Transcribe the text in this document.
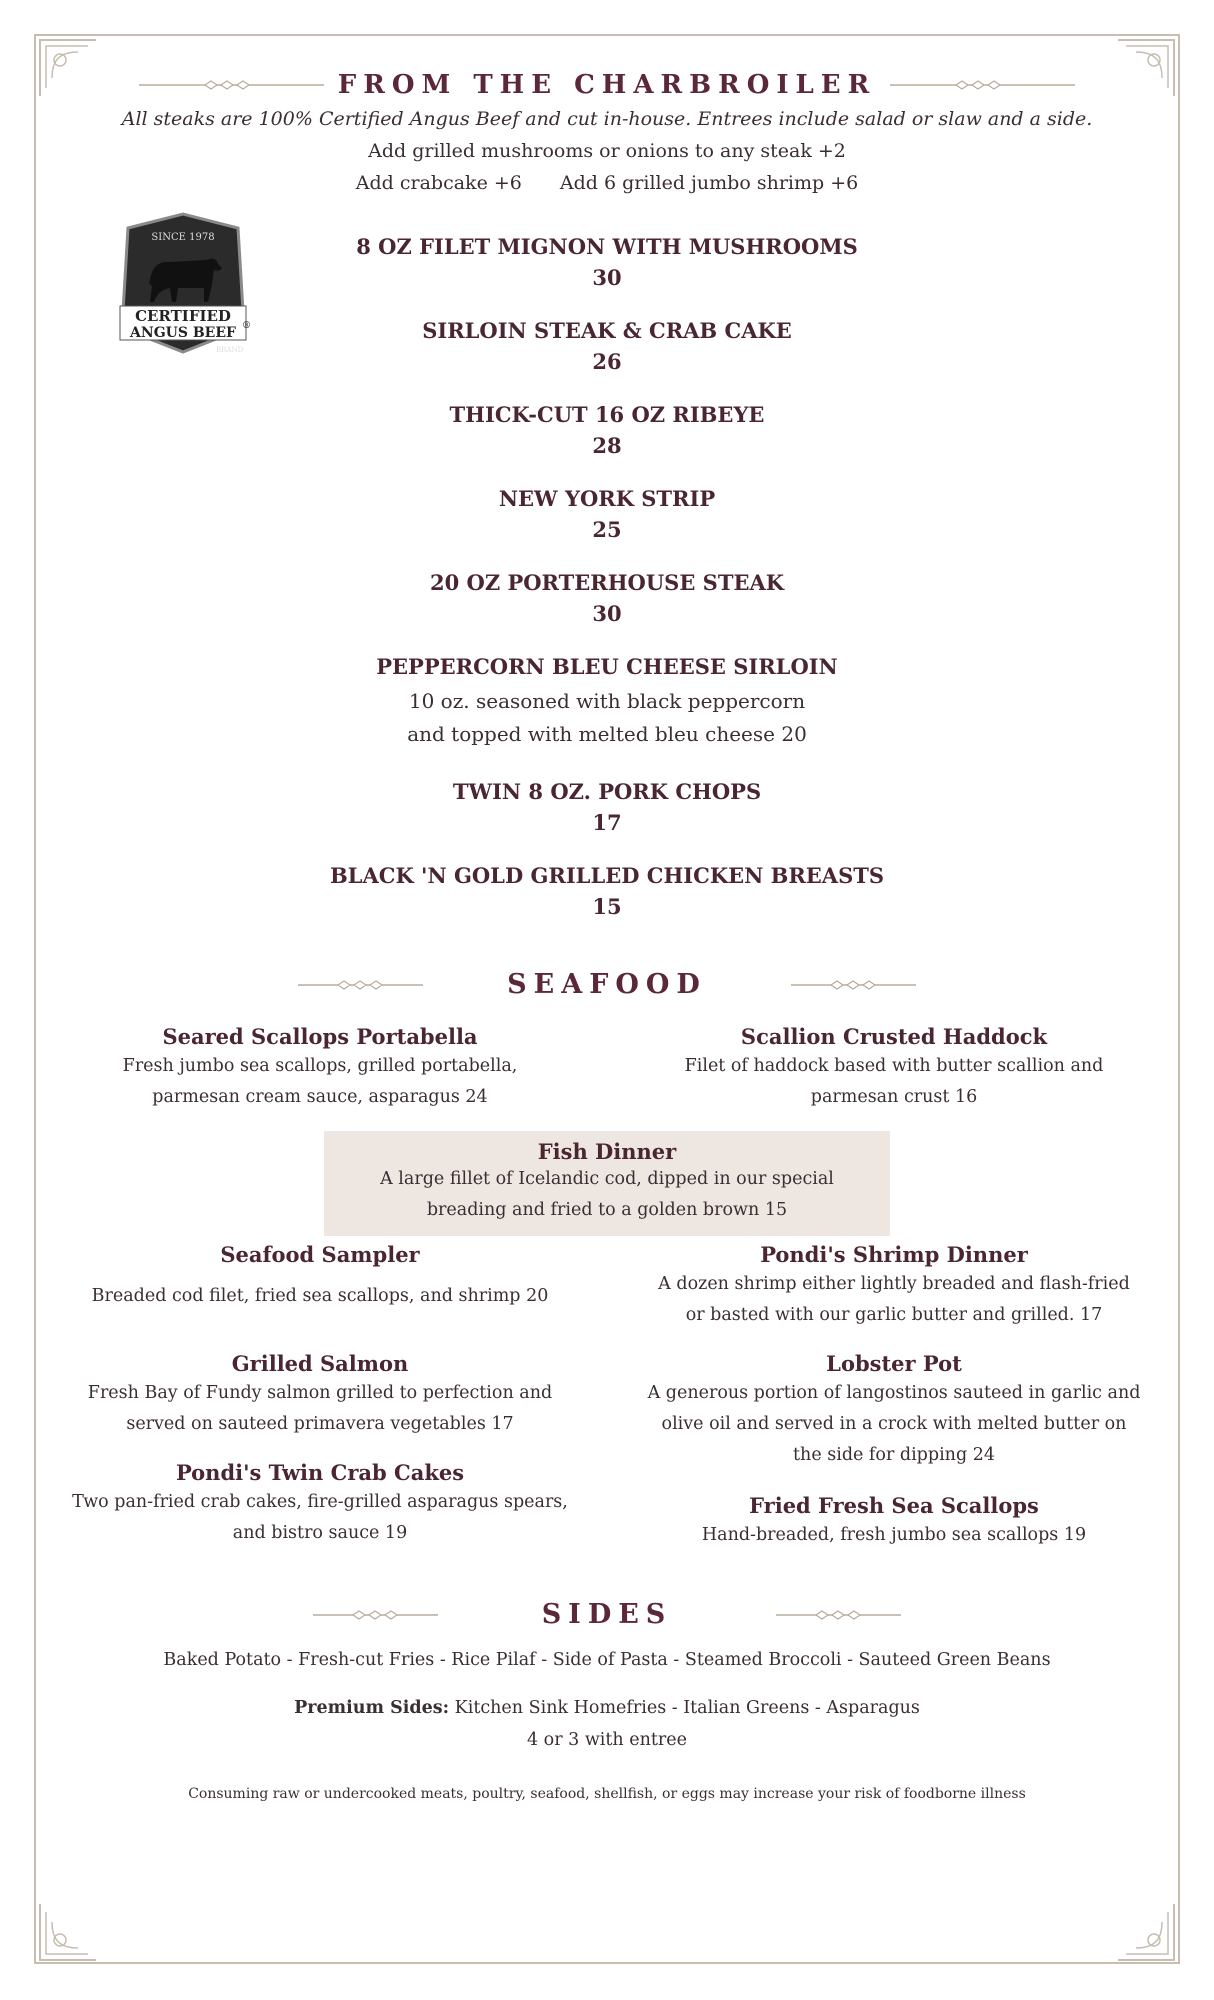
SINCE 1978
CERTIFIED
ANGUS BEEF ®
BRAND
FROM THE CHARBROILER
All steaks are 100% Certified Angus Beef and cut in-house. Entrees include salad or slaw and a side.
Add grilled mushrooms or onions to any steak +2
Add crabcake +6 Add 6 grilled jumbo shrimp +6
8 OZ FILET MIGNON WITH MUSHROOMS
30
SIRLOIN STEAK & CRAB CAKE
26
THICK-CUT 16 OZ RIBEYE
28
NEW YORK STRIP
25
20 OZ PORTERHOUSE STEAK
30
PEPPERCORN BLEU CHEESE SIRLOIN
10 oz. seasoned with black peppercorn
and topped with melted bleu cheese 20
TWIN 8 OZ. PORK CHOPS
17
BLACK 'N GOLD GRILLED CHICKEN BREASTS
15
SEAFOOD
Seared Scallops Portabella
Fresh jumbo sea scallops, grilled portabella,
parmesan cream sauce, asparagus 24
Scallion Crusted Haddock
Filet of haddock based with butter scallion and
parmesan crust 16
Fish Dinner
A large fillet of Icelandic cod, dipped in our special
breading and fried to a golden brown 15
Seafood Sampler
Breaded cod filet, fried sea scallops, and shrimp 20
Pondi's Shrimp Dinner
A dozen shrimp either lightly breaded and flash-fried
or basted with our garlic butter and grilled. 17
Grilled Salmon
Fresh Bay of Fundy salmon grilled to perfection and
served on sauteed primavera vegetables 17
Pondi's Twin Crab Cakes
Two pan-fried crab cakes, fire-grilled asparagus spears,
and bistro sauce 19
Lobster Pot
A generous portion of langostinos sauteed in garlic and
olive oil and served in a crock with melted butter on
the side for dipping 24
Fried Fresh Sea Scallops
Hand-breaded, fresh jumbo sea scallops 19
SIDES
Baked Potato - Fresh-cut Fries - Rice Pilaf - Side of Pasta - Steamed Broccoli - Sauteed Green Beans
Premium Sides: Kitchen Sink Homefries - Italian Greens - Asparagus
4 or 3 with entree
Consuming raw or undercooked meats, poultry, seafood, shellfish, or eggs may increase your risk of foodborne illness
